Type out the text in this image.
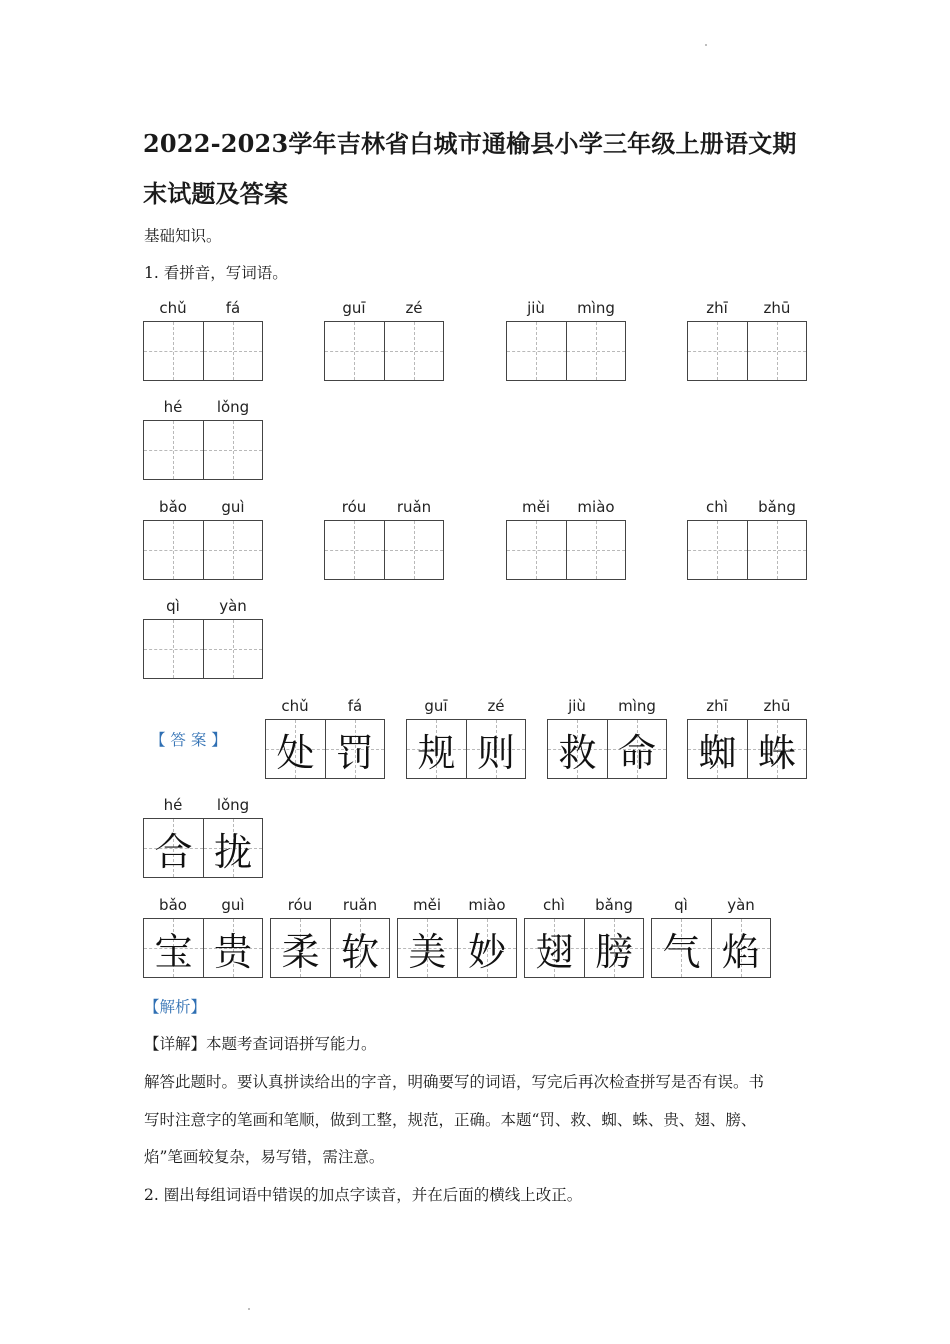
2022-2023学年吉林省白城市通榆县小学三年级上册语文期
末试题及答案
基础知识。
1. 看拼音，写词语。
chǔ	fá	guī	zé	jiù	mìng	zhī	zhū
hé	lǒng
bǎo	guì	róu	ruǎn	měi	miào	chì	bǎng
qì	yàn
【 答 案 】
chǔ	fá
处 罚
guī	zé
规 则
jiù	mìng
救 命
zhī	zhū
蜘 蛛
hé	lǒng
合 拢
bǎo	guì
宝 贵
róu	ruǎn
柔 软
měi	miào
美 妙
chì	bǎng
翅 膀
qì	yàn
气 焰
【解析】
【详解】本题考查词语拼写能力。
解答此题时。要认真拼读给出的字音，明确要写的词语，写完后再次检查拼写是否有误。书
写时注意字的笔画和笔顺，做到工整，规范，正确。本题“罚、救、蜘、蛛、贵、翅、膀、
焰”笔画较复杂，易写错，需注意。
2. 圈出每组词语中错误的加点字读音，并在后面的横线上改正。
